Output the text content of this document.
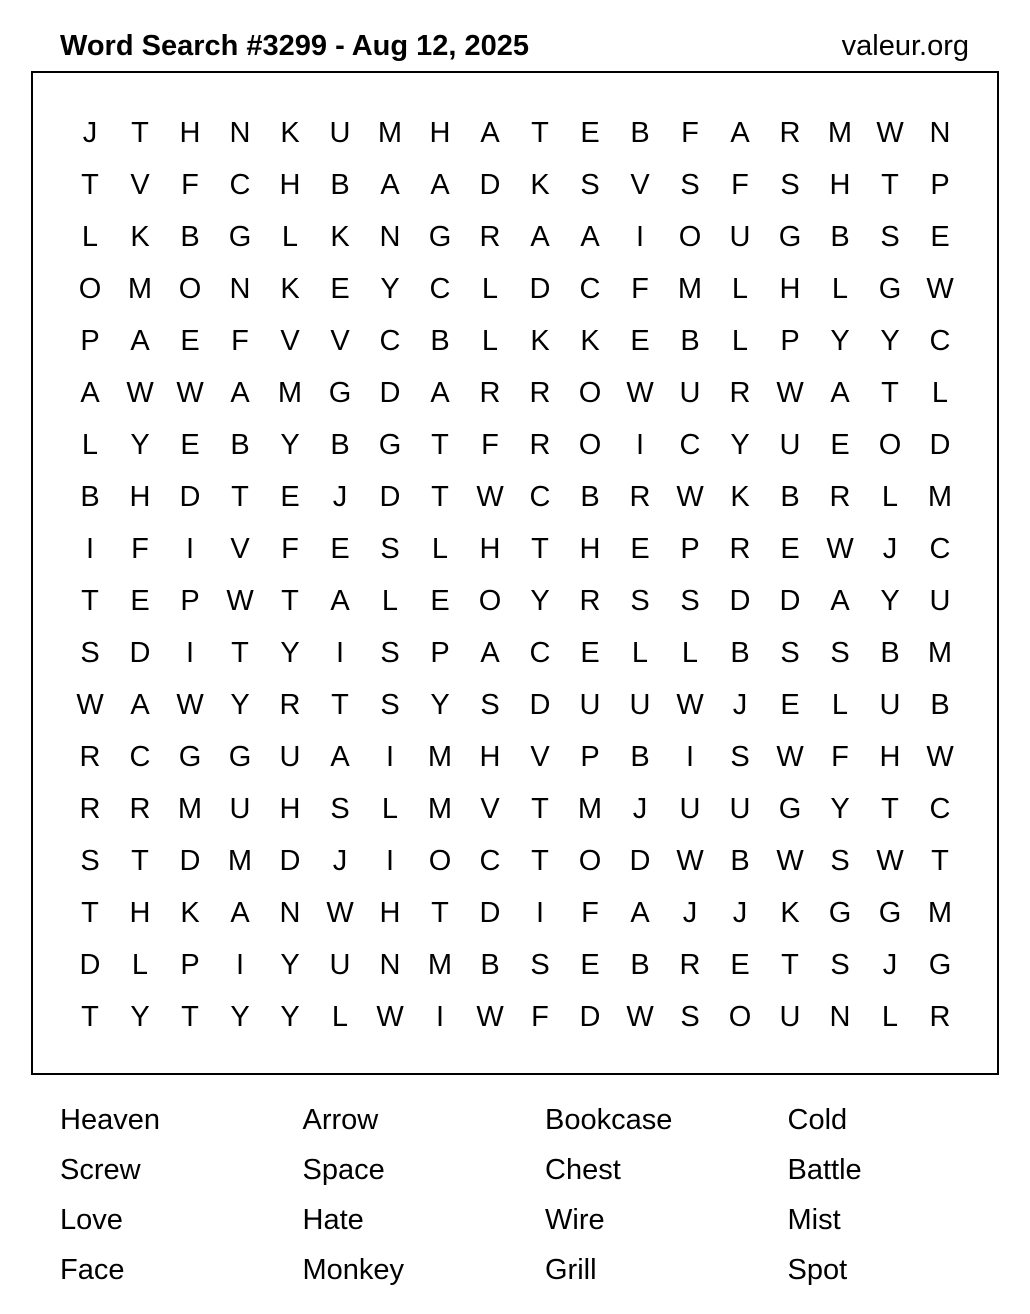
Word Search #3299 - Aug 12, 2025	valeur.org
J	T	H	N	K	U M H	A	T	E	B	F	A	R M W N
T	V	F	C	H	B	A	A	D	K	S	V	S	F	S	H	T	P
L	K	B	G	L	K	N G R	A	A	I	O U G	B	S	E
O M O N	K	E	Y	C	L	D	C	F	M	L	H	L	G W
P	A	E	F	V	V	C	B	L	K	K	E	B	L	P	Y	Y	C
A W W A M G D	A	R	R O W U	R W A	T	L
L	Y	E	B	Y	B	G	T	F	R O	I	C	Y	U	E	O D
B	H	D	T	E	J	D	T W C	B	R W K	B	R	L	M
I	F	I	V	F	E	S	L	H	T	H	E	P	R	E W	J	C
T	E	P W T	A	L	E	O	Y	R	S	S	D	D	A	Y	U
S	D	I	T	Y	I	S	P	A	C	E	L	L	B	S	S	B M
W A W Y	R	T	S	Y	S	D	U	U W	J	E	L	U	B
R	C G G U	A	I	M H	V	P	B	I	S W F	H W
R	R M U	H	S	L	M V	T	M	J	U	U G	Y	T	C
S	T	D M D	J	I	O C	T	O D W B W S W T
T	H	K	A	N W H	T	D	I	F	A	J	J	K	G G M
D	L	P	I	Y	U	N M B	S	E	B	R	E	T	S	J	G
T	Y	T	Y	Y	L W	I	W F	D W S	O U	N	L	R
Heaven	Arrow	Bookcase	Cold
Screw	Space	Chest	Battle
Love	Hate	Wire	Mist
Face	Monkey	Grill	Spot
